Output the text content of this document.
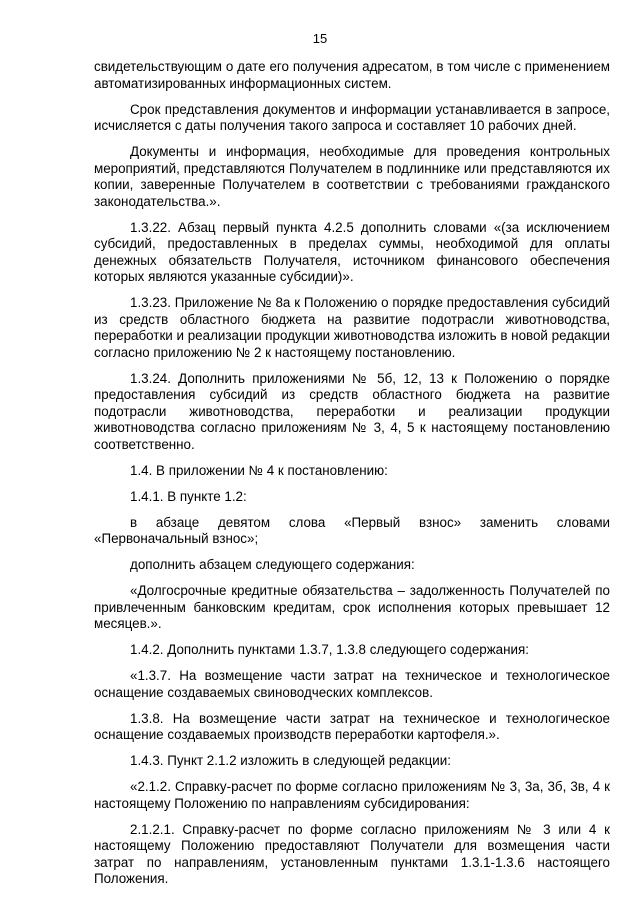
15

свидетельствующим о дате его получения адресатом, в том числе с применением автоматизированных информационных систем.

Срок представления документов и информации устанавливается в запросе, исчисляется с даты получения такого запроса и составляет 10 рабочих дней.

Документы и информация, необходимые для проведения контрольных мероприятий, представляются Получателем в подлиннике или представляются их копии, заверенные Получателем в соответствии с требованиями гражданского законодательства.».

1.3.22. Абзац первый пункта 4.2.5 дополнить словами «(за исключением субсидий, предоставленных в пределах суммы, необходимой для оплаты денежных обязательств Получателя, источником финансового обеспечения которых являются указанные субсидии)».

1.3.23. Приложение № 8а к Положению о порядке предоставления субсидий из средств областного бюджета на развитие подотрасли животноводства, переработки и реализации продукции животноводства изложить в новой редакции согласно приложению № 2 к настоящему постановлению.

1.3.24. Дополнить приложениями № 5б, 12, 13 к Положению о порядке предоставления субсидий из средств областного бюджета на развитие подотрасли животноводства, переработки и реализации продукции животноводства согласно приложениям № 3, 4, 5 к настоящему постановлению соответственно.

1.4. В приложении № 4 к постановлению:

1.4.1. В пункте 1.2:

в абзаце девятом слова «Первый взнос» заменить словами «Первоначальный взнос»;

дополнить абзацем следующего содержания:

«Долгосрочные кредитные обязательства – задолженность Получателей по привлеченным банковским кредитам, срок исполнения которых превышает 12 месяцев.».

1.4.2. Дополнить пунктами 1.3.7, 1.3.8 следующего содержания:

«1.3.7. На возмещение части затрат на техническое и технологическое оснащение создаваемых свиноводческих комплексов.

1.3.8. На возмещение части затрат на техническое и технологическое оснащение создаваемых производств переработки картофеля.».

1.4.3. Пункт 2.1.2 изложить в следующей редакции:

«2.1.2. Справку-расчет по форме согласно приложениям № 3, 3а, 3б, 3в, 4 к настоящему Положению по направлениям субсидирования:

2.1.2.1. Справку-расчет по форме согласно приложениям № 3 или 4 к настоящему Положению предоставляют Получатели для возмещения части затрат по направлениям, установленным пунктами 1.3.1-1.3.6 настоящего Положения.
